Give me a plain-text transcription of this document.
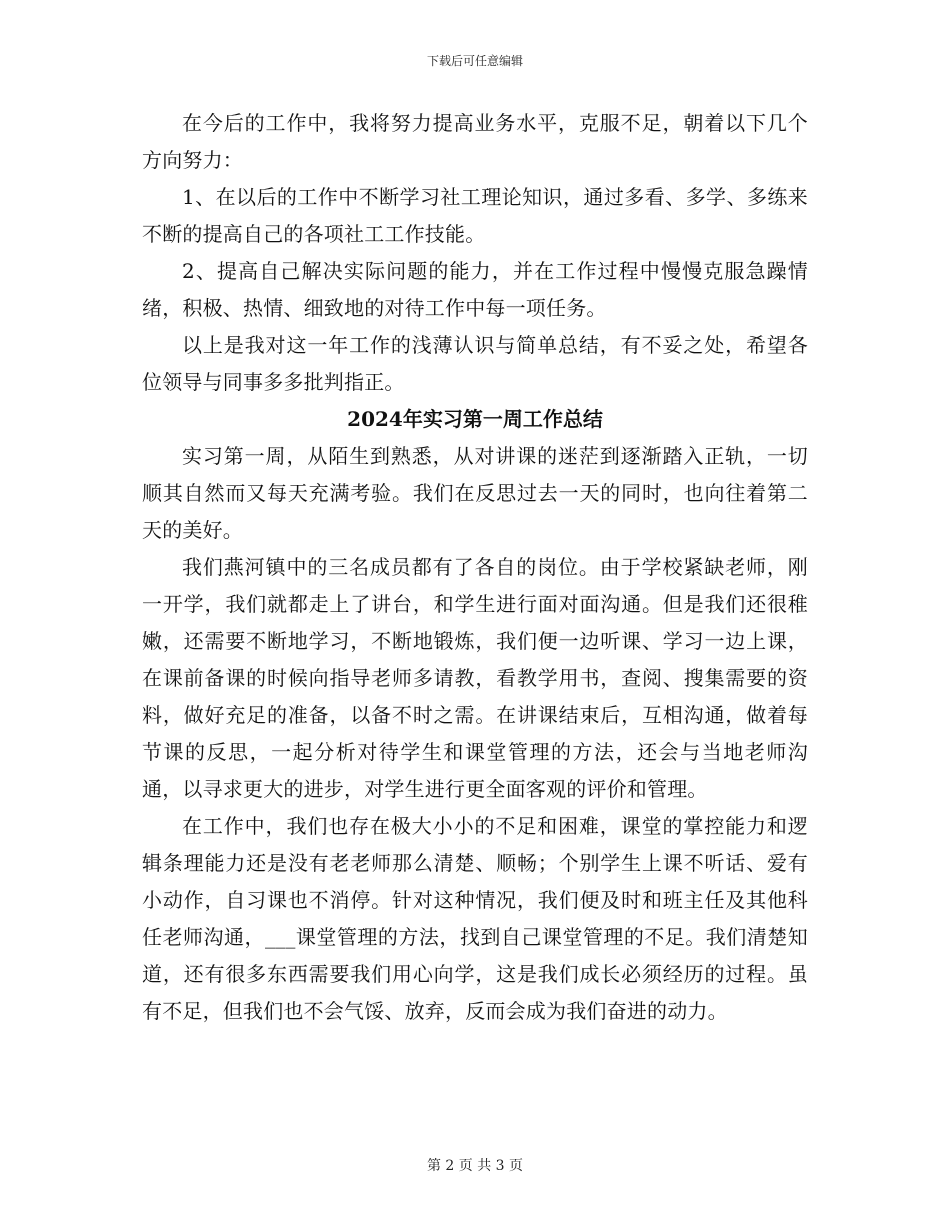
下载后可任意编辑

在今后的工作中，我将努力提高业务水平，克服不足，朝着以下几个方向努力：

1、在以后的工作中不断学习社工理论知识，通过多看、多学、多练来不断的提高自己的各项社工工作技能。

2、提高自己解决实际问题的能力，并在工作过程中慢慢克服急躁情绪，积极、热情、细致地的对待工作中每一项任务。

以上是我对这一年工作的浅薄认识与简单总结，有不妥之处，希望各位领导与同事多多批判指正。

2024年实习第一周工作总结

实习第一周，从陌生到熟悉，从对讲课的迷茫到逐渐踏入正轨，一切顺其自然而又每天充满考验。我们在反思过去一天的同时，也向往着第二天的美好。

我们燕河镇中的三名成员都有了各自的岗位。由于学校紧缺老师，刚一开学，我们就都走上了讲台，和学生进行面对面沟通。但是我们还很稚嫩，还需要不断地学习，不断地锻炼，我们便一边听课、学习一边上课，在课前备课的时候向指导老师多请教，看教学用书，查阅、搜集需要的资料，做好充足的准备，以备不时之需。在讲课结束后，互相沟通，做着每节课的反思，一起分析对待学生和课堂管理的方法，还会与当地老师沟通，以寻求更大的进步，对学生进行更全面客观的评价和管理。

在工作中，我们也存在极大小小的不足和困难，课堂的掌控能力和逻辑条理能力还是没有老老师那么清楚、顺畅；个别学生上课不听话、爱有小动作，自习课也不消停。针对这种情况，我们便及时和班主任及其他科任老师沟通，___课堂管理的方法，找到自己课堂管理的不足。我们清楚知道，还有很多东西需要我们用心向学，这是我们成长必须经历的过程。虽有不足，但我们也不会气馁、放弃，反而会成为我们奋进的动力。

第 2 页 共 3 页
